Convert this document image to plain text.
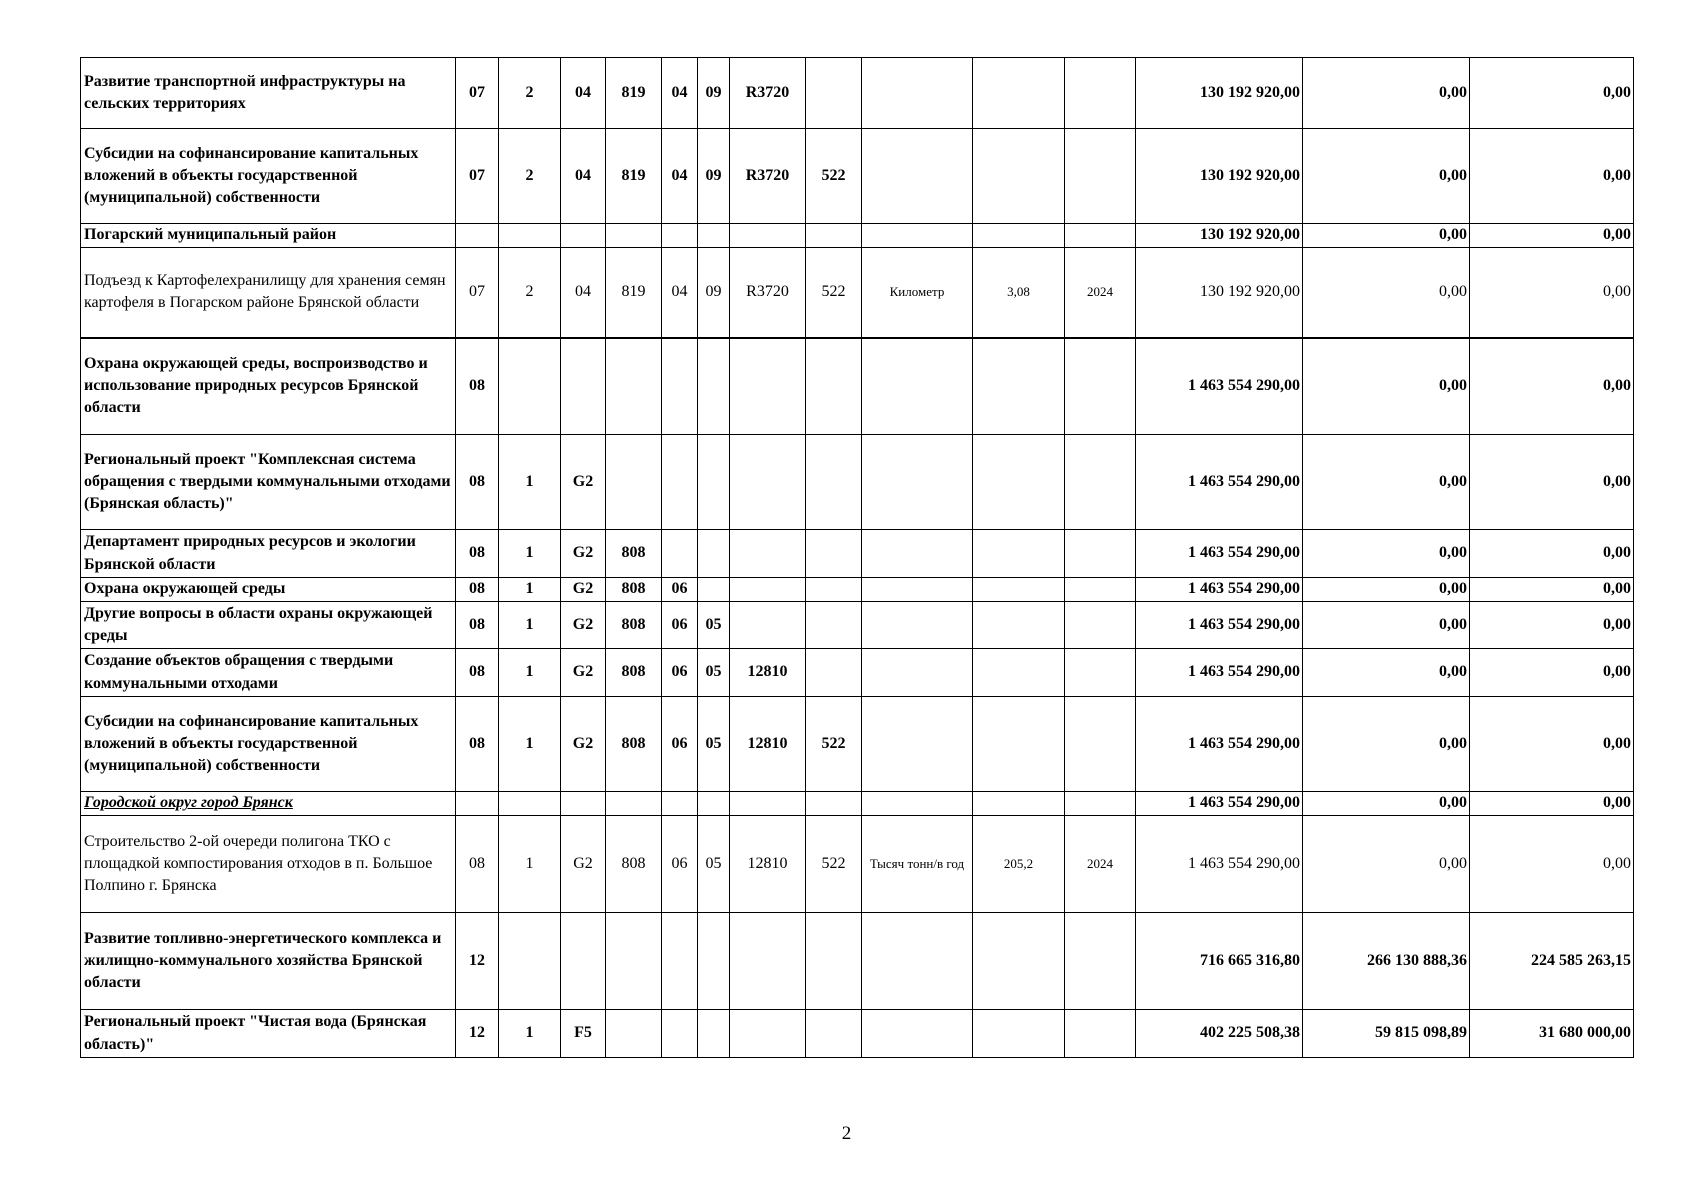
Развитие транспортной инфраструктуры на сельских территориях	07	2	04	819	04	09	R3720					130 192 920,00	0,00	0,00
Субсидии на софинансирование капитальных вложений в объекты государственной (муниципальной) собственности	07	2	04	819	04	09	R3720	522				130 192 920,00	0,00	0,00
Погарский муниципальный район												130 192 920,00	0,00	0,00
Подъезд к Картофелехранилищу для хранения семян картофеля в Погарском районе Брянской области	07	2	04	819	04	09	R3720	522	Километр	3,08	2024	130 192 920,00	0,00	0,00
Охрана окружающей среды, воспроизводство и использование природных ресурсов Брянской области	08											1 463 554 290,00	0,00	0,00
Региональный проект "Комплексная система обращения с твердыми коммунальными отходами (Брянская область)"	08	1	G2									1 463 554 290,00	0,00	0,00
Департамент природных ресурсов и экологии Брянской области	08	1	G2	808								1 463 554 290,00	0,00	0,00
Охрана окружающей среды	08	1	G2	808	06							1 463 554 290,00	0,00	0,00
Другие вопросы в области охраны окружающей среды	08	1	G2	808	06	05						1 463 554 290,00	0,00	0,00
Создание объектов обращения с твердыми коммунальными отходами	08	1	G2	808	06	05	12810					1 463 554 290,00	0,00	0,00
Субсидии на софинансирование капитальных вложений в объекты государственной (муниципальной) собственности	08	1	G2	808	06	05	12810	522				1 463 554 290,00	0,00	0,00
Городской округ город Брянск												1 463 554 290,00	0,00	0,00
Строительство 2-ой очереди полигона ТКО с площадкой компостирования отходов в п. Большое Полпино г. Брянска	08	1	G2	808	06	05	12810	522	Тысяч тонн/в год	205,2	2024	1 463 554 290,00	0,00	0,00
Развитие топливно-энергетического комплекса и жилищно-коммунального хозяйства Брянской области	12											716 665 316,80	266 130 888,36	224 585 263,15
Региональный проект "Чистая вода (Брянская область)"	12	1	F5									402 225 508,38	59 815 098,89	31 680 000,00
2
